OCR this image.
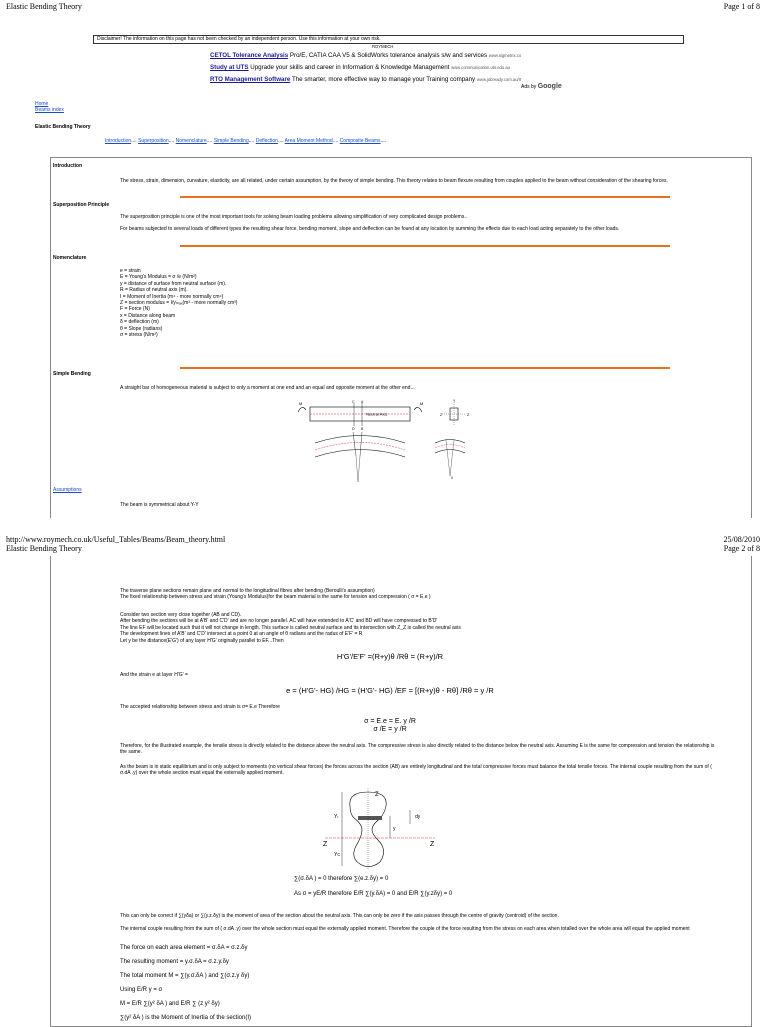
Elastic Bending Theory	Page 1 of 8
Disclaimer! The information on this page has not been checked by an independent person. Use this information at your own risk.
ROYMECH
CETOL Tolerance Analysis Pro/E, CATIA CAA V5 & SolidWorks tolerance analysis s/w and services www.sigmetrix.co
Study at UTS Upgrade your skills and career in Information & Knowledge Management www.communication.uts.edu.au
RTO Management Software The smarter, more effective way to manage your Training company www.jobready.com.au/rt
Ads by Google
Home
Beams index
Elastic Bending Theory
Introduction.... Superposition.... Nomenclature.... Simple Bending.... Deflection.... Area Moment Method.... Composite Beams....
Introduction
The stress, strain, dimension, curvature, elasticity, are all related, under certain assumption, by the theory of simple bending. This theory relates to beam flexure resulting from couples applied to the beam without consideration of the shearing forces.
Superposition Principle
The superposition principle is one of the most important tools for solving beam loading problems allowing simplification of very complicated design problems..
For beams subjected to several loads of different types the resulting shear force, bending moment, slope and deflection can be found at any location by summing the effects due to each load acting separately to the other loads.
Nomenclature
e = strain
E = Young's Modulus = σ /e (N/m²)
y = distance of surface from neutral surface (m).
R = Radius of neutral axis (m).
I = Moment of Inertia (m⁴ - more normally cm⁴)
Z = section modulus = I/yₘₐₓ(m³ - more normally cm³)
F = Force (N)
x = Distance along beam
δ = deflection (m)
θ = Slope (radians)
σ = stress (N/m²)
Simple Bending
A straight bar of homogeneous material is subject to only a moment at one end and an equal and opposite moment at the other end...
Neutral Axis
M	M
C A
D B
Y
Z	Z
0
Assumptions
The beam is symmetrical about Y-Y
http://www.roymech.co.uk/Useful_Tables/Beams/Beam_theory.html	25/08/2010
Elastic Bending Theory	Page 2 of 8
The traverse plane sections remain plane and normal to the longitudinal fibres after bending (Beroulli's assumption)
The fixed relationship between stress and strain (Young's Modulus)for the beam material is the same for tension and compression ( σ = E.e )
Consider two section very close together (AB and CD).
After bending the sections will be at A'B' and C'D' and are no longer parallel. AC will have extended to A'C' and BD will have compressed to B'D'
The line EF will be located such that it will not change in length. This surface is called neutral surface and its intersection with Z_Z is called the neutral axis
The development lines of A'B' and C'D' intersect at a point 0 at an angle of θ radians and the radus of E'F' = R
Let y be the distance(E'G') of any layer H'G' originally parallel to EF...Then
H'G'/E'F' =(R+y)θ /Rθ = (R+y)/R
And the strain e at layer H'G' =
e = (H'G'- HG) /HG = (H'G'- HG) /EF = [(R+y)θ - Rθ] /Rθ = y /R
The accepted relationship between stress and strain is σ= E.e Therefore
σ = E.e = E. y /R
σ /E = y /R
Therefore, for the illustrated example, the tensile stress is directly related to the distance above the neutral axis. The compressive stress is also directly related to the distance below the neutral axis. Assuming E is the same for compression and tension the relationship is the same.
As the beam is in static equilibrium and is only subject to moments (no vertical shear forces) the forces across the section (AB) are entirely longitudinal and the total compressive forces must balance the total tensile forces. The internal couple resulting from the sum of ( σ.dA .y) over the whole section must equal the externally applied moment.
Z
dy
Yₜ
y
Z	Z
Yc
∑(σ.δA ) = 0 therefore ∑(e.z.δy) = 0
As σ = yE/R therefore E/R ∑(y.δA) = 0 and E/R ∑(y.zδy) = 0
This can only be correct if ∑(yδa) or ∑(y.z.δy) is the moment of area of the section about the neutral axis. This can only be zero if the axis passes through the centre of gravity (centroid) of the section.
The internal couple resulting from the sum of ( σ.dA .y) over the whole section must equal the externally applied moment. Therefore the couple of the force resulting from the stress on each area when totalled over the whole area will equal the applied moment
The force on each area element = σ.δA = σ.z.δy
The resulting moment = y.σ.δA = σ.z.y.δy
The total moment M = ∑(y.σ.δA ) and ∑(σ.z.y δy)
Using E/R y = σ
M = E/R ∑(y² δA ) and E/R ∑ (z y² δy)
∑(y² δA ) is the Moment of Inertia of the section(I)
